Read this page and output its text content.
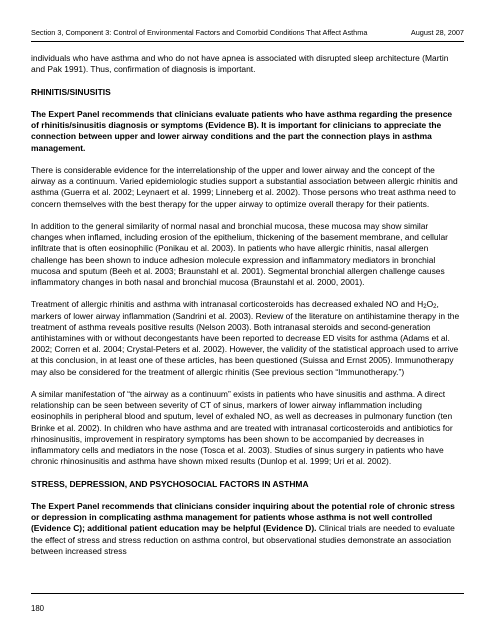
Section 3, Component 3: Control of Environmental Factors and Comorbid Conditions That Affect Asthma	August 28, 2007

individuals who have asthma and who do not have apnea is associated with disrupted sleep architecture (Martin and Pak 1991). Thus, confirmation of diagnosis is important.

RHINITIS/SINUSITIS

The Expert Panel recommends that clinicians evaluate patients who have asthma regarding the presence of rhinitis/sinusitis diagnosis or symptoms (Evidence B). It is important for clinicians to appreciate the connection between upper and lower airway conditions and the part the connection plays in asthma management.

There is considerable evidence for the interrelationship of the upper and lower airway and the concept of the airway as a continuum. Varied epidemiologic studies support a substantial association between allergic rhinitis and asthma (Guerra et al. 2002; Leynaert et al. 1999; Linneberg et al. 2002). Those persons who treat asthma need to concern themselves with the best therapy for the upper airway to optimize overall therapy for their patients.

In addition to the general similarity of normal nasal and bronchial mucosa, these mucosa may show similar changes when inflamed, including erosion of the epithelium, thickening of the basement membrane, and cellular infiltrate that is often eosinophilic (Ponikau et al. 2003). In patients who have allergic rhinitis, nasal allergen challenge has been shown to induce adhesion molecule expression and inflammatory mediators in bronchial mucosa and sputum (Beeh et al. 2003; Braunstahl et al. 2001). Segmental bronchial allergen challenge causes inflammatory changes in both nasal and bronchial mucosa (Braunstahl et al. 2000, 2001).

Treatment of allergic rhinitis and asthma with intranasal corticosteroids has decreased exhaled NO and $H_2O_2$, markers of lower airway inflammation (Sandrini et al. 2003). Review of the literature on antihistamine therapy in the treatment of asthma reveals positive results (Nelson 2003). Both intranasal steroids and second-generation antihistamines with or without decongestants have been reported to decrease ED visits for asthma (Adams et al. 2002; Corren et al. 2004; Crystal-Peters et al. 2002). However, the validity of the statistical approach used to arrive at this conclusion, in at least one of these articles, has been questioned (Suissa and Ernst 2005). Immunotherapy may also be considered for the treatment of allergic rhinitis (See previous section “Immunotherapy.”)

A similar manifestation of “the airway as a continuum” exists in patients who have sinusitis and asthma. A direct relationship can be seen between severity of CT of sinus, markers of lower airway inflammation including eosinophils in peripheral blood and sputum, level of exhaled NO, as well as decreases in pulmonary function (ten Brinke et al. 2002). In children who have asthma and are treated with intranasal corticosteroids and antibiotics for rhinosinusitis, improvement in respiratory symptoms has been shown to be accompanied by decreases in inflammatory cells and mediators in the nose (Tosca et al. 2003). Studies of sinus surgery in patients who have chronic rhinosinusitis and asthma have shown mixed results (Dunlop et al. 1999; Uri et al. 2002).

STRESS, DEPRESSION, AND PSYCHOSOCIAL FACTORS IN ASTHMA

The Expert Panel recommends that clinicians consider inquiring about the potential role of chronic stress or depression in complicating asthma management for patients whose asthma is not well controlled (Evidence C); additional patient education may be helpful (Evidence D). Clinical trials are needed to evaluate the effect of stress and stress reduction on asthma control, but observational studies demonstrate an association between increased stress

180
